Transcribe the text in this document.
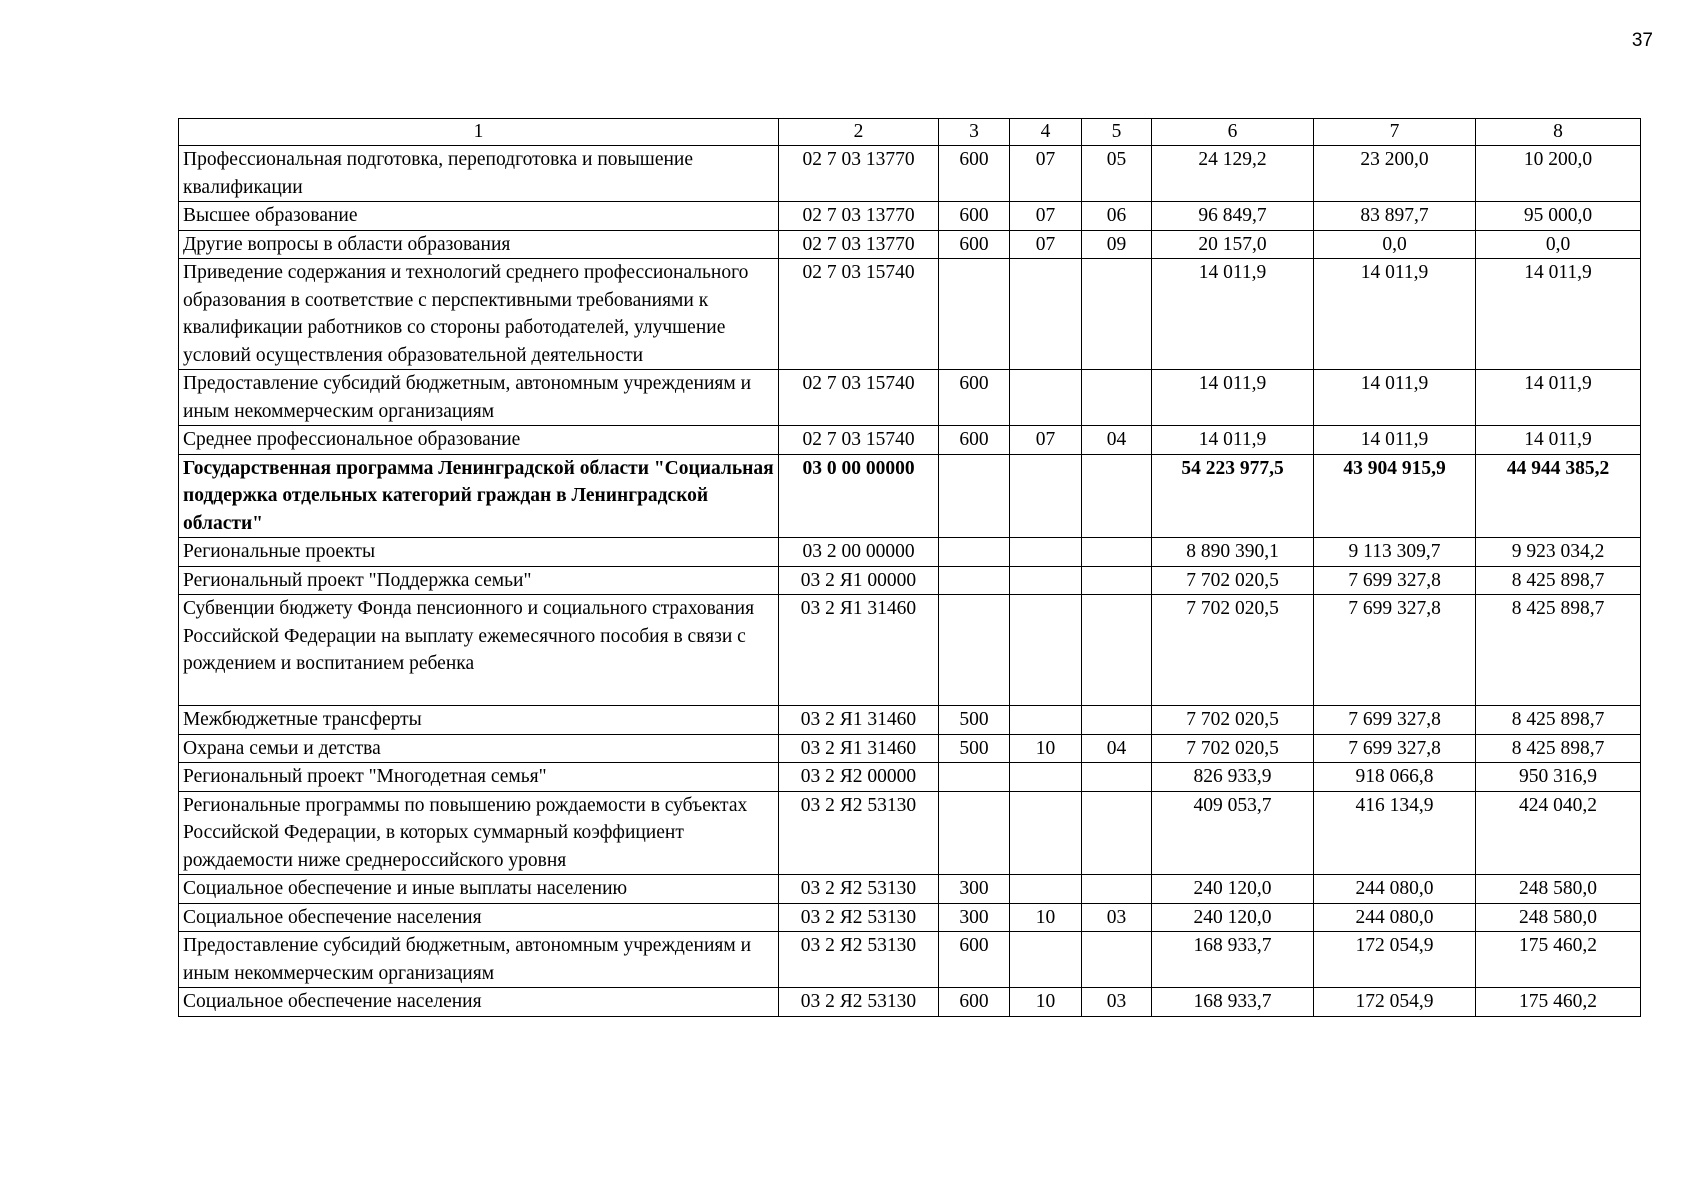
37
1	2	3	4	5	6	7	8
Профессиональная подготовка, переподготовка и повышение квалификации	02 7 03 13770	600	07	05	24 129,2	23 200,0	10 200,0
Высшее образование	02 7 03 13770	600	07	06	96 849,7	83 897,7	95 000,0
Другие вопросы в области образования	02 7 03 13770	600	07	09	20 157,0	0,0	0,0
Приведение содержания и технологий среднего профессионального образования в соответствие с перспективными требованиями к квалификации работников со стороны работодателей, улучшение условий осуществления образовательной деятельности	02 7 03 15740				14 011,9	14 011,9	14 011,9
Предоставление субсидий бюджетным, автономным учреждениям и иным некоммерческим организациям	02 7 03 15740	600			14 011,9	14 011,9	14 011,9
Среднее профессиональное образование	02 7 03 15740	600	07	04	14 011,9	14 011,9	14 011,9
Государственная программа Ленинградской области "Социальная поддержка отдельных категорий граждан в Ленинградской области"	03 0 00 00000				54 223 977,5	43 904 915,9	44 944 385,2
Региональные проекты	03 2 00 00000				8 890 390,1	9 113 309,7	9 923 034,2
Региональный проект "Поддержка семьи"	03 2 Я1 00000				7 702 020,5	7 699 327,8	8 425 898,7
Субвенции бюджету Фонда пенсионного и социального страхования Российской Федерации на выплату ежемесячного пособия в связи с рождением и воспитанием ребенка	03 2 Я1 31460				7 702 020,5	7 699 327,8	8 425 898,7
Межбюджетные трансферты	03 2 Я1 31460	500			7 702 020,5	7 699 327,8	8 425 898,7
Охрана семьи и детства	03 2 Я1 31460	500	10	04	7 702 020,5	7 699 327,8	8 425 898,7
Региональный проект "Многодетная семья"	03 2 Я2 00000				826 933,9	918 066,8	950 316,9
Региональные программы по повышению рождаемости в субъектах Российской Федерации, в которых суммарный коэффициент рождаемости ниже среднероссийского уровня	03 2 Я2 53130				409 053,7	416 134,9	424 040,2
Социальное обеспечение и иные выплаты населению	03 2 Я2 53130	300			240 120,0	244 080,0	248 580,0
Социальное обеспечение населения	03 2 Я2 53130	300	10	03	240 120,0	244 080,0	248 580,0
Предоставление субсидий бюджетным, автономным учреждениям и иным некоммерческим организациям	03 2 Я2 53130	600			168 933,7	172 054,9	175 460,2
Социальное обеспечение населения	03 2 Я2 53130	600	10	03	168 933,7	172 054,9	175 460,2
